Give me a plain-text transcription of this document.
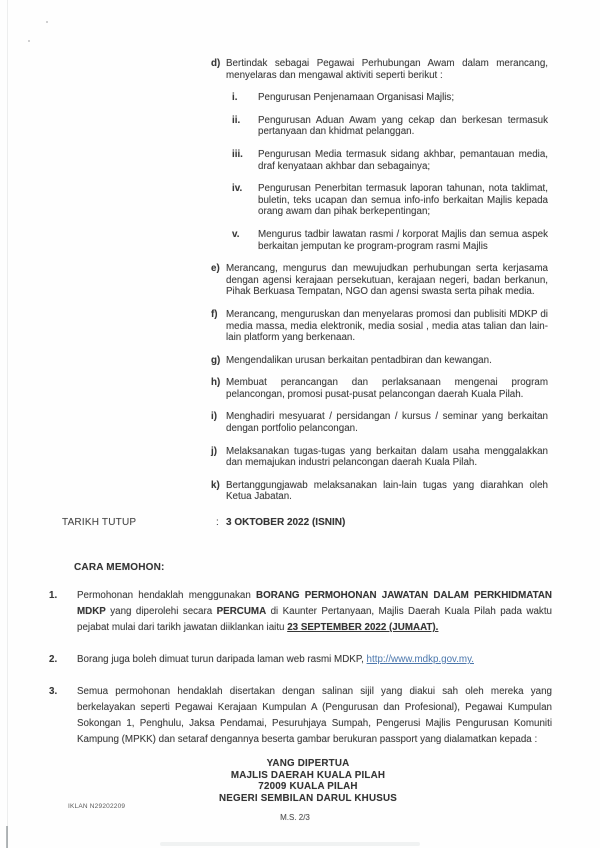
d) Bertindak sebagai Pegawai Perhubungan Awam dalam merancang, menyelaras dan mengawal aktiviti seperti berikut :
i.	Pengurusan Penjenamaan Organisasi Majlis;
ii.	Pengurusan Aduan Awam yang cekap dan berkesan termasuk pertanyaan dan khidmat pelanggan.
iii.	Pengurusan Media termasuk sidang akhbar, pemantauan media, draf kenyataan akhbar dan sebagainya;
iv.	Pengurusan Penerbitan termasuk laporan tahunan, nota taklimat, buletin, teks ucapan dan semua info-info berkaitan Majlis kepada orang awam dan pihak berkepentingan;
v.	Mengurus tadbir lawatan rasmi / korporat Majlis dan semua aspek berkaitan jemputan ke program-program rasmi Majlis
e) Merancang, mengurus dan mewujudkan perhubungan serta kerjasama dengan agensi kerajaan persekutuan, kerajaan negeri, badan berkanun, Pihak Berkuasa Tempatan, NGO dan agensi swasta serta pihak media.
f) Merancang, menguruskan dan menyelaras promosi dan publisiti MDKP di media massa, media elektronik, media sosial , media atas talian dan lain-lain platform yang berkenaan.
g) Mengendalikan urusan berkaitan pentadbiran dan kewangan.
h) Membuat perancangan dan perlaksanaan mengenai program pelancongan, promosi pusat-pusat pelancongan daerah Kuala Pilah.
i) Menghadiri mesyuarat / persidangan / kursus / seminar yang berkaitan dengan portfolio pelancongan.
j) Melaksanakan tugas-tugas yang berkaitan dalam usaha menggalakkan dan memajukan industri pelancongan daerah Kuala Pilah.
k) Bertanggungjawab melaksanakan lain-lain tugas yang diarahkan oleh Ketua Jabatan.
TARIKH TUTUP	: 3 OKTOBER 2022 (ISNIN)
CARA MEMOHON:
1.	Permohonan hendaklah menggunakan BORANG PERMOHONAN JAWATAN DALAM PERKHIDMATAN MDKP yang diperolehi secara PERCUMA di Kaunter Pertanyaan, Majlis Daerah Kuala Pilah pada waktu pejabat mulai dari tarikh jawatan diiklankan iaitu 23 SEPTEMBER 2022 (JUMAAT).
2.	Borang juga boleh dimuat turun daripada laman web rasmi MDKP, http://www.mdkp.gov.my.
3.	Semua permohonan hendaklah disertakan dengan salinan sijil yang diakui sah oleh mereka yang berkelayakan seperti Pegawai Kerajaan Kumpulan A (Pengurusan dan Profesional), Pegawai Kumpulan Sokongan 1, Penghulu, Jaksa Pendamai, Pesuruhjaya Sumpah, Pengerusi Majlis Pengurusan Komuniti Kampung (MPKK) dan setaraf dengannya beserta gambar berukuran passport yang dialamatkan kepada :
YANG DIPERTUA
MAJLIS DAERAH KUALA PILAH
72009 KUALA PILAH
NEGERI SEMBILAN DARUL KHUSUS
IKLAN N29202209
M.S. 2/3
